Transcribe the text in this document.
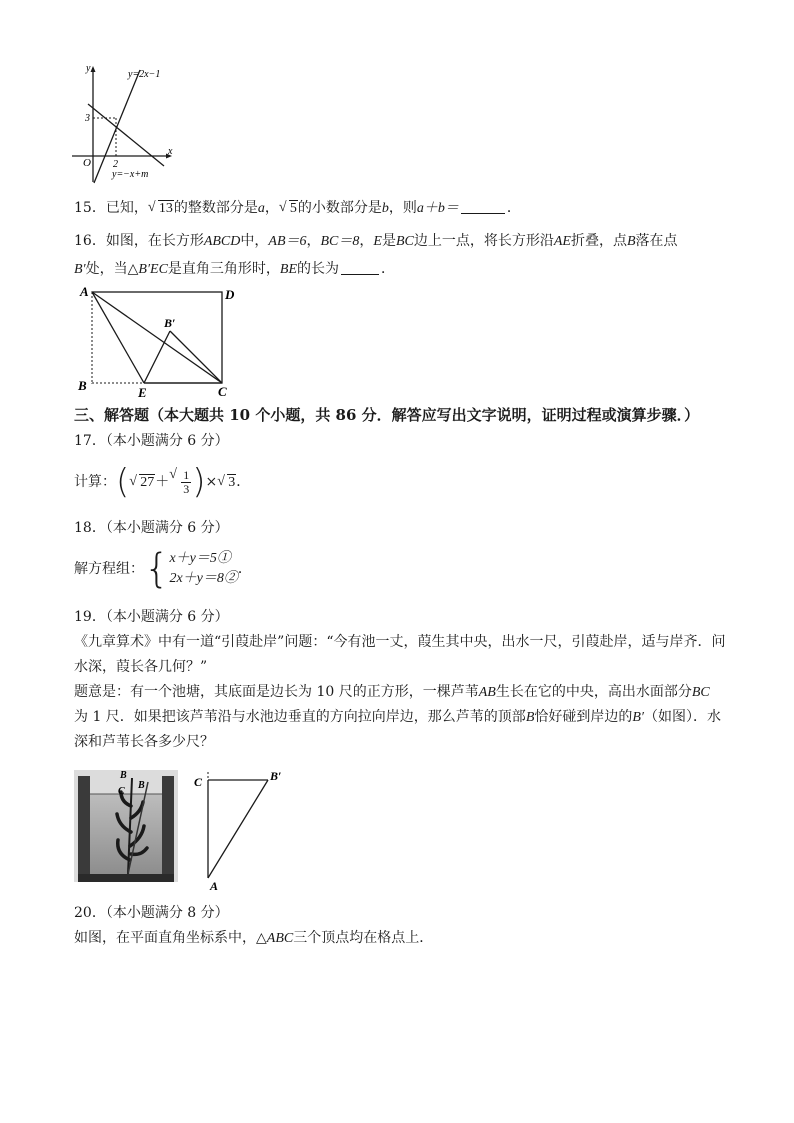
y
x
O
3
2
y=2x−1
y=−x+m
15．已知， √ 13的整数部分是a， √ 5的小数部分是b，则a＋b＝	．
16．如图，在长方形ABCD中，AB＝6，BC＝8，E是BC边上一点，将长方形沿AE折叠，点B落在点
B′处，当△B′EC是直角三角形时，BE的长为	．
A	D
B′
B	E	C
三、解答题（本大题共 10 个小题，共 86 分．解答应写出文字说明，证明过程或演算步骤．）
17．（本小题满分 6 分）
计算：( √ 27＋ √ $\frac{1}{3}$ )× √ 3．
18．（本小题满分 6 分）
解方程组：{ x＋y＝5①
2x＋y＝8②
．
19．（本小题满分 6 分）
《九章算术》中有一道“引葭赴岸”问题：“今有池一丈，葭生其中央，出水一尺，引葭赴岸，适与岸齐．问
水深，葭长各几何？”
题意是：有一个池塘，其底面是边长为 10 尺的正方形，一棵芦苇AB生长在它的中央，高出水面部分BC
为 1 尺．如果把该芦苇沿与水池边垂直的方向拉向岸边，那么芦苇的顶部B恰好碰到岸边的B′（如图）．水
深和芦苇长各多少尺？
B
C
B	C	B′
A
20．（本小题满分 8 分）
如图，在平面直角坐标系中，△ABC三个顶点均在格点上．
